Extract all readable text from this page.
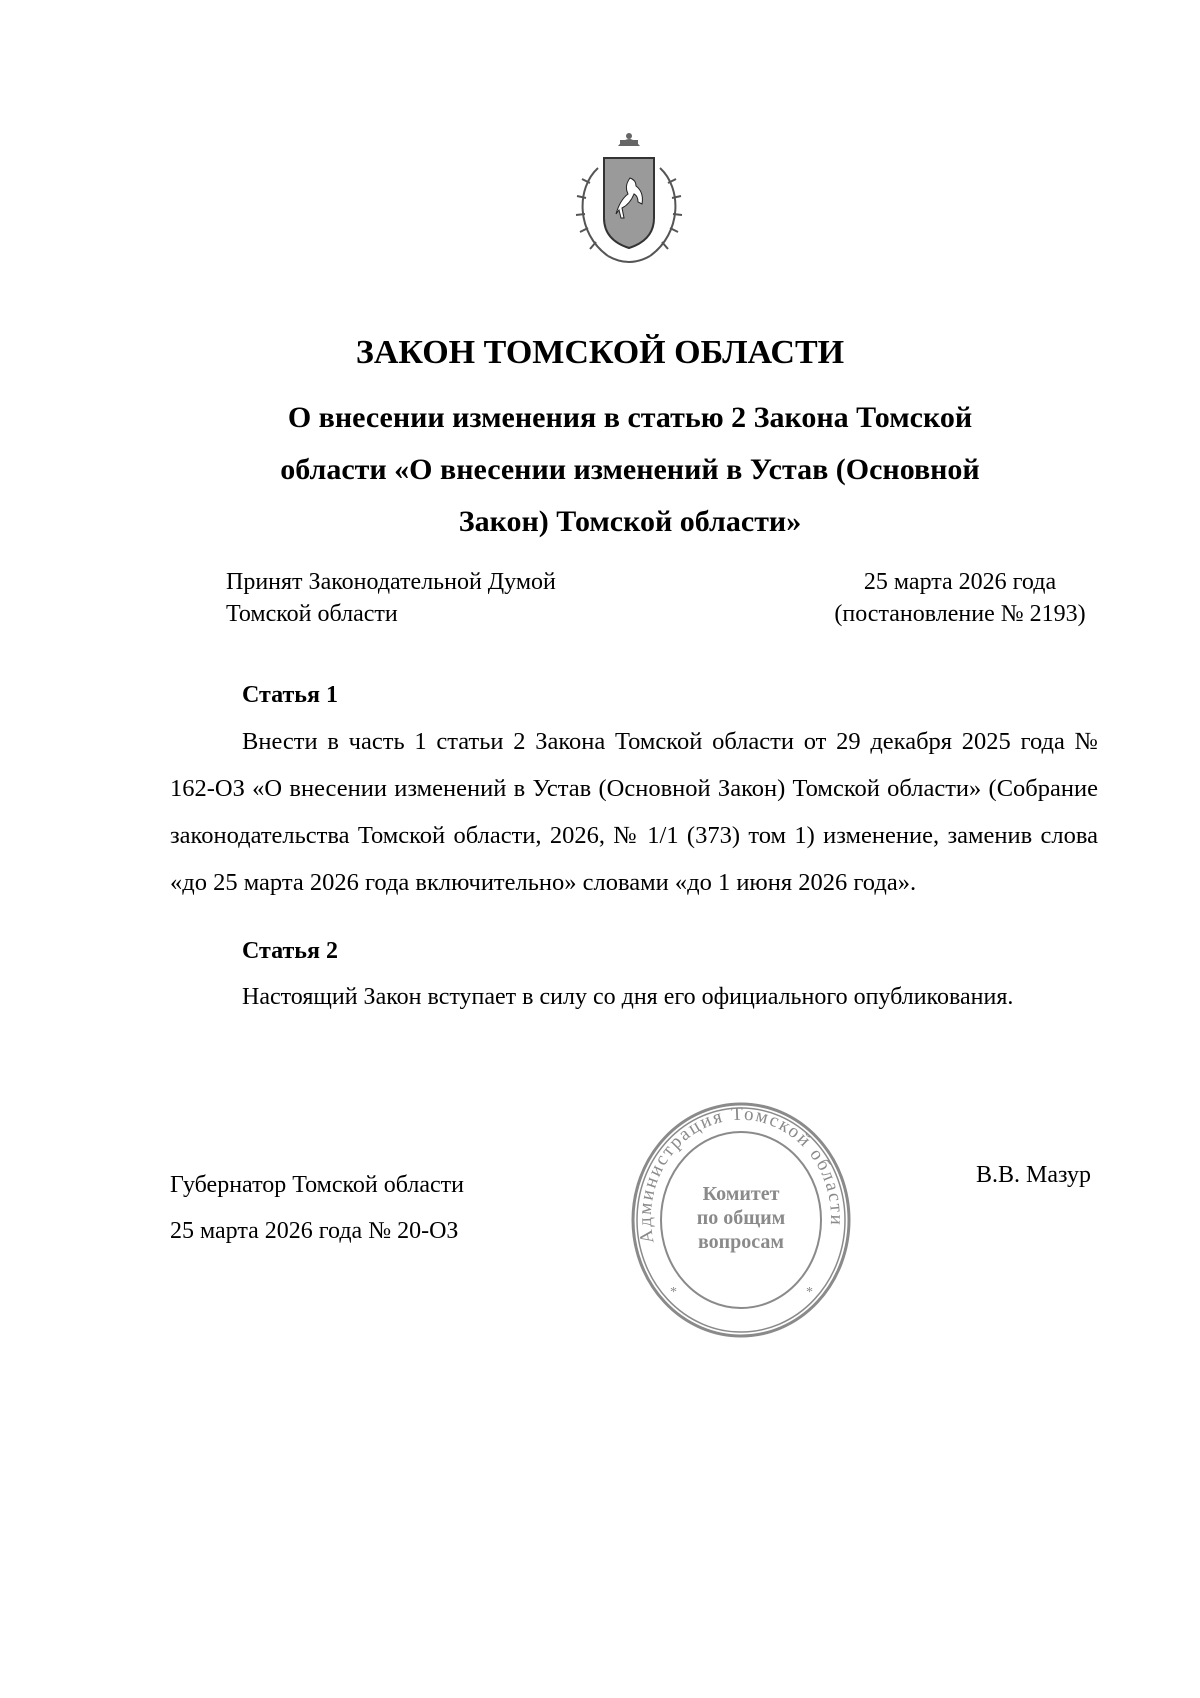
ЗАКОН ТОМСКОЙ ОБЛАСТИ
О внесении изменения в статью 2 Закона Томской
области «О внесении изменений в Устав (Основной
Закон) Томской области»
Принят Законодательной Думой
Томской области
25 марта 2026 года
(постановление № 2193)
Статья 1
Внести в часть 1 статьи 2 Закона Томской области от 29 декабря 2025 года № 162-ОЗ «О внесении изменений в Устав (Основной Закон) Томской области» (Собрание законодательства Томской области, 2026, № 1/1 (373) том 1) изменение, заменив слова «до 25 марта 2026 года включительно» словами «до 1 июня 2026 года».
Статья 2
Настоящий Закон вступает в силу со дня его официального опубликования.
Губернатор Томской области
25 марта 2026 года № 20-ОЗ
В.В. Мазур
Администрация Томской области
*	*
Комитет
по общим
вопросам
